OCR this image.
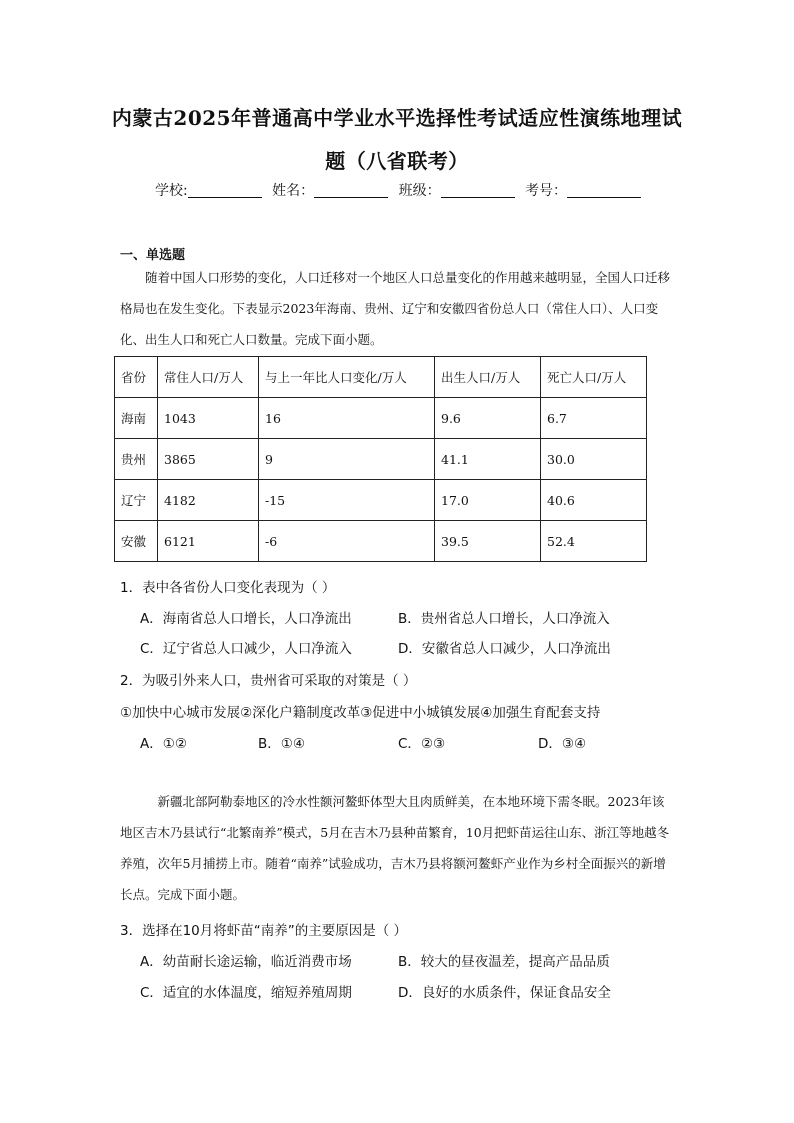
内蒙古2025年普通高中学业水平选择性考试适应性演练地理试
题（八省联考）
学校:	姓名：	班级：	考号：
一、单选题

随着中国人口形势的变化，人口迁移对一个地区人口总量变化的作用越来越明显，全国人口迁移格局也在发生变化。下表显示2023年海南、贵州、辽宁和安徽四省份总人口（常住人口）、人口变化、出生人口和死亡人口数量。完成下面小题。

省份	常住人口/万人	与上一年比人口变化/万人	出生人口/万人	死亡人口/万人
海南	1043	16	9.6	6.7
贵州	3865	9	41.1	30.0
辽宁	4182	-15	17.0	40.6
安徽	6121	-6	39.5	52.4
1．表中各省份人口变化表现为（ ）
A．海南省总人口增长，人口净流出	B．贵州省总人口增长，人口净流入
C．辽宁省总人口减少，人口净流入	D．安徽省总人口减少，人口净流出
2．为吸引外来人口，贵州省可采取的对策是（ ）
①加快中心城市发展②深化户籍制度改革③促进中小城镇发展④加强生育配套支持
A．①②	B．①④	C．②③	D．③④

新疆北部阿勒泰地区的冷水性额河鳌虾体型大且肉质鲜美，在本地环境下需冬眠。2023年该地区吉木乃县试行“北繁南养”模式，5月在吉木乃县种苗繁育，10月把虾苗运往山东、浙江等地越冬养殖，次年5月捕捞上市。随着“南养”试验成功，吉木乃县将额河鳌虾产业作为乡村全面振兴的新增长点。完成下面小题。

3．选择在10月将虾苗“南养”的主要原因是（ ）
A．幼苗耐长途运输，临近消费市场	B．较大的昼夜温差，提高产品品质
C．适宜的水体温度，缩短养殖周期	D．良好的水质条件，保证食品安全
